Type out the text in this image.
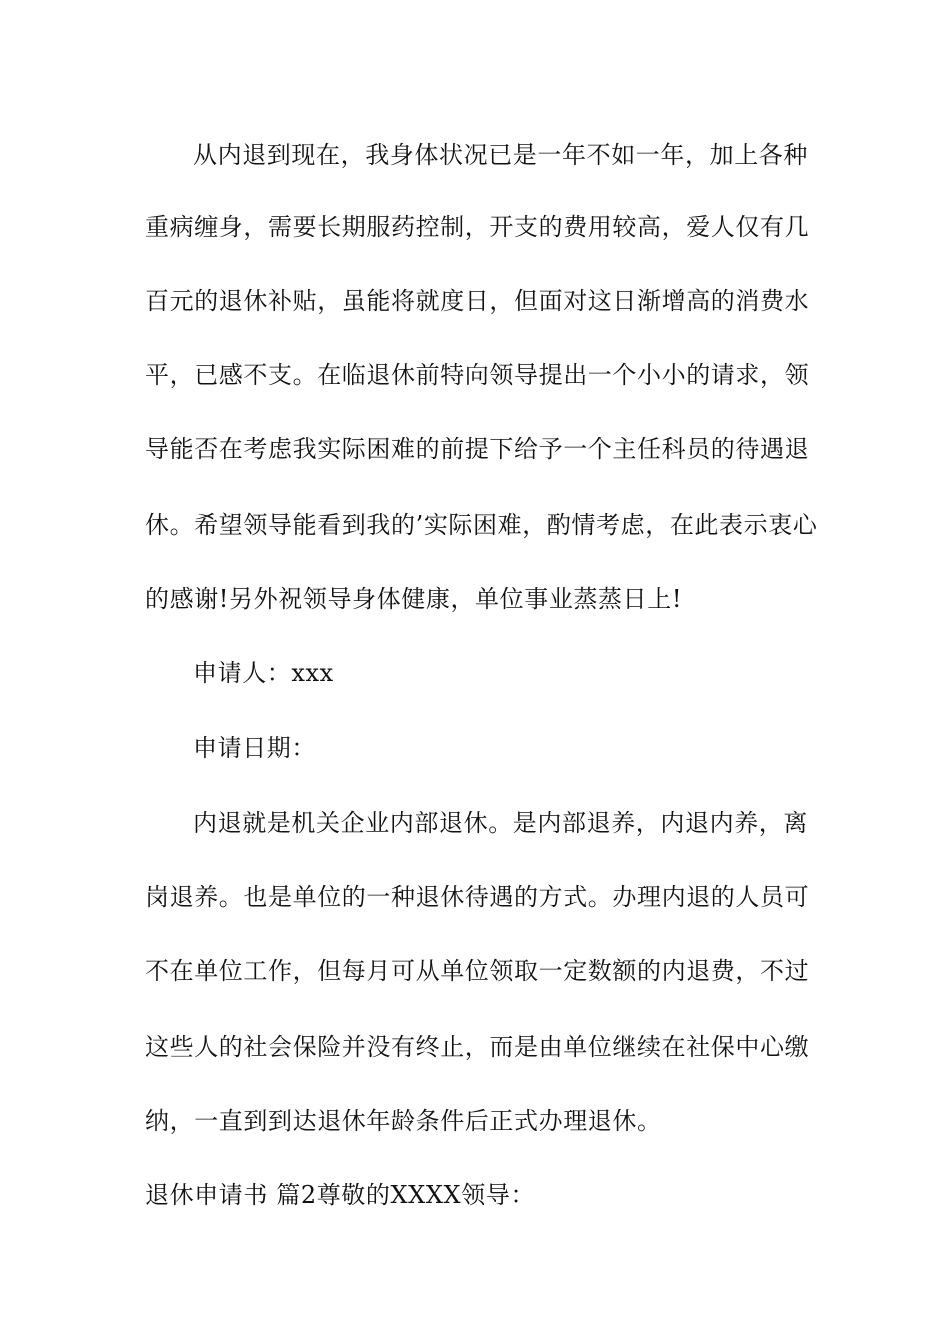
从内退到现在，我身体状况已是一年不如一年，加上各种
重病缠身，需要长期服药控制，开支的费用较高，爱人仅有几
百元的退休补贴，虽能将就度日，但面对这日渐增高的消费水
平，已感不支。在临退休前特向领导提出一个小小的请求，领
导能否在考虑我实际困难的前提下给予一个主任科员的待遇退
休。希望领导能看到我的’实际困难，酌情考虑，在此表示衷心
的感谢!另外祝领导身体健康，单位事业蒸蒸日上!
申请人：xxx
申请日期：
内退就是机关企业内部退休。是内部退养，内退内养，离
岗退养。也是单位的一种退休待遇的方式。办理内退的人员可
不在单位工作，但每月可从单位领取一定数额的内退费，不过
这些人的社会保险并没有终止，而是由单位继续在社保中心缴
纳，一直到到达退休年龄条件后正式办理退休。
退休申请书 篇2尊敬的XXXX领导：
